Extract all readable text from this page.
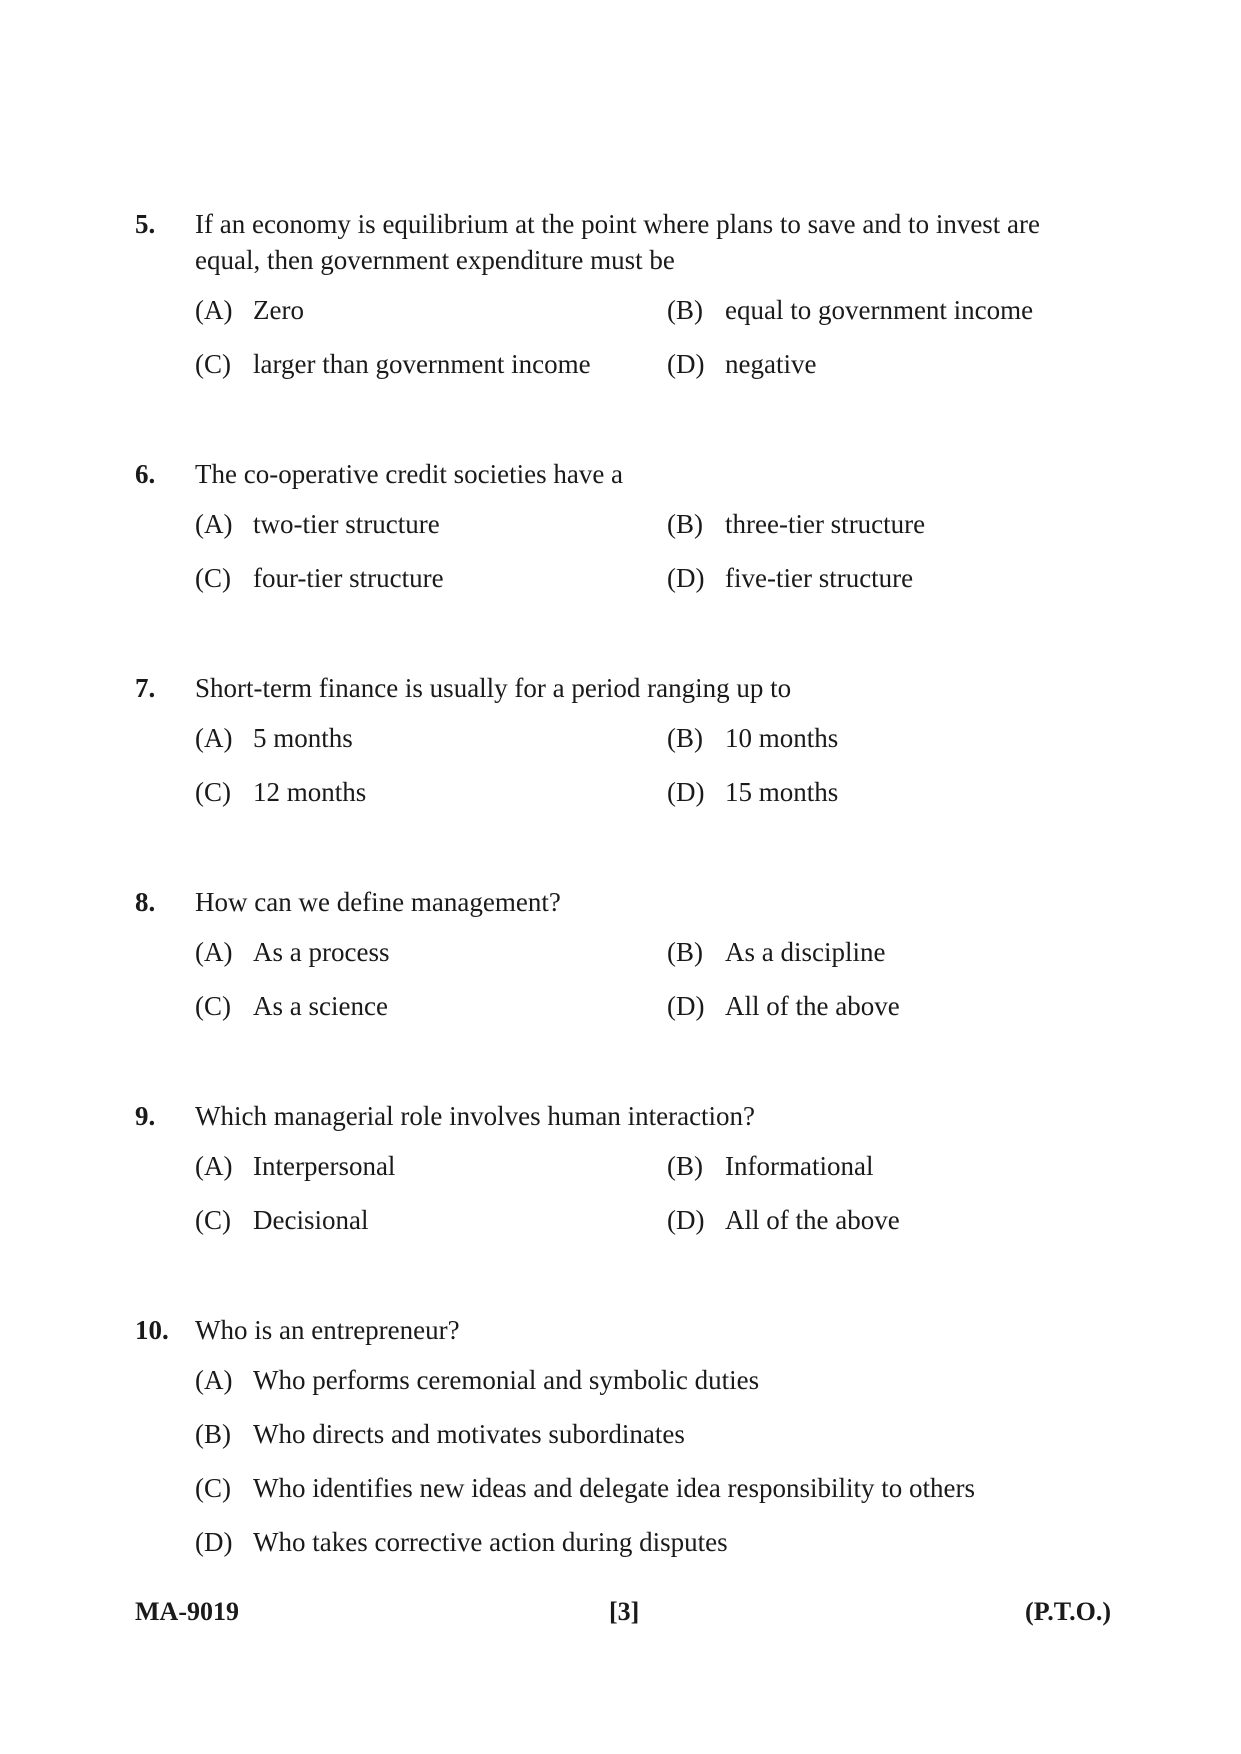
5. If an economy is equilibrium at the point where plans to save and to invest are equal, then government expenditure must be
(A) Zero	(B) equal to government income
(C) larger than government income	(D) negative
6. The co-operative credit societies have a
(A) two-tier structure	(B) three-tier structure
(C) four-tier structure	(D) five-tier structure
7. Short-term finance is usually for a period ranging up to
(A) 5 months	(B) 10 months
(C) 12 months	(D) 15 months
8. How can we define management?
(A) As a process	(B) As a discipline
(C) As a science	(D) All of the above
9. Which managerial role involves human interaction?
(A) Interpersonal	(B) Informational
(C) Decisional	(D) All of the above
10. Who is an entrepreneur?
(A) Who performs ceremonial and symbolic duties
(B) Who directs and motivates subordinates
(C) Who identifies new ideas and delegate idea responsibility to others
(D) Who takes corrective action during disputes
MA-9019	[3]	(P.T.O.)
